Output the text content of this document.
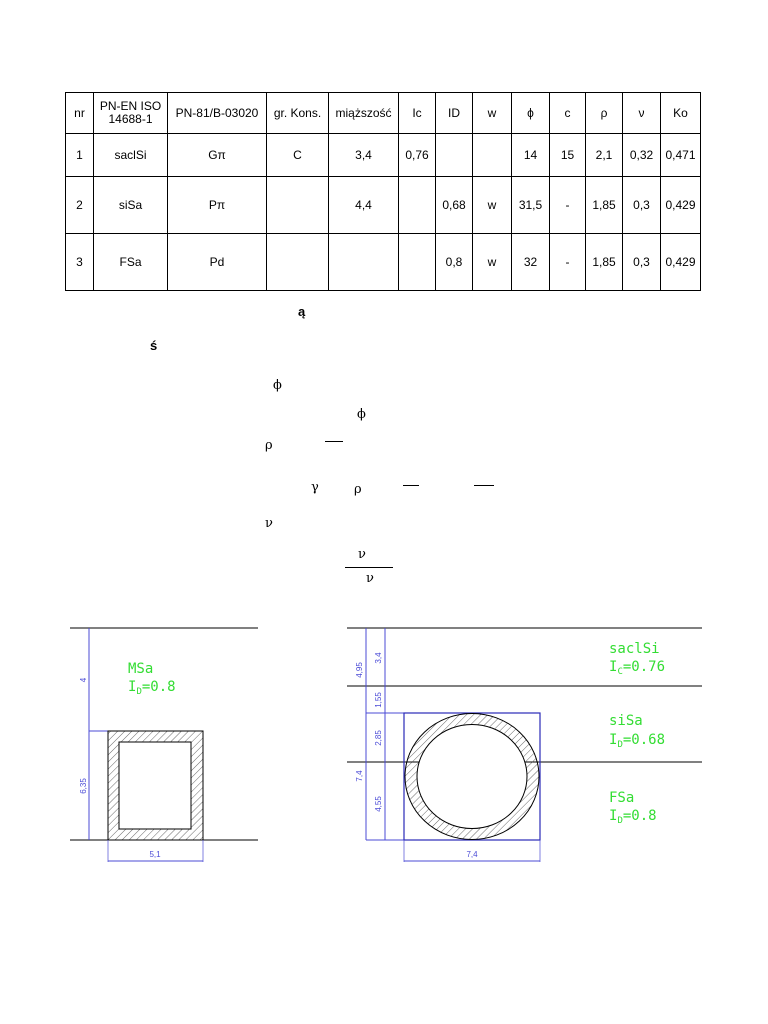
nr	PN-EN ISO 14688-1	PN-81/B-03020	gr. Kons.	miąższość	Ic	ID	w	ϕ	c	ρ	ν	Ko
1	saclSi	Gπ	C	3,4	0,76			14	15	2,1	0,32	0,471
2	siSa	Pπ		4,4		0,68	w	31,5	-	1,85	0,3	0,429
3	FSa	Pd				0,8	w	32	-	1,85	0,3	0,429
ą
ś
ϕ
ϕ
ρ
γ	ρ
ν
ν
ν
4
6,35
5,1
MSa
$I_D=0.8$
4,95
3,4
1,55
2,85
7,4
4,55
7,4
saclSi
$I_C=0.76$
siSa
$I_D=0.68$
FSa
$I_D=0.8$
